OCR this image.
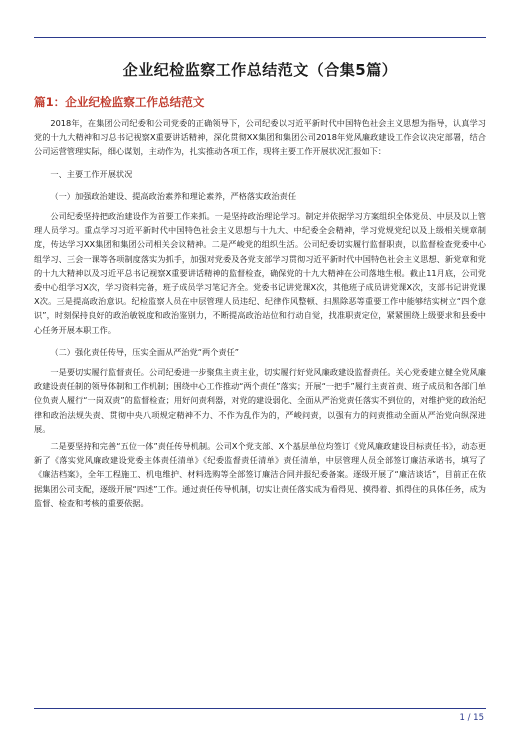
企业纪检监察工作总结范文（合集5篇）
篇1：企业纪检监察工作总结范文

2018年，在集团公司纪委和公司党委的正确领导下，公司纪委以习近平新时代中国特色社会主义思想为指导，认真学习党的十九大精神和习总书记视察X重要讲话精神，深化贯彻XX集团和集团公司2018年党风廉政建设工作会议决定部署，结合公司运营管理实际，细心谋划，主动作为，扎实推动各项工作，现将主要工作开展状况汇报如下：

一、主要工作开展状况

（一）加强政治建设、提高政治素养和理论素养，严格落实政治责任

公司纪委坚持把政治建设作为首要工作来抓。一是坚持政治理论学习。制定并依据学习方案组织全体党员、中层及以上管理人员学习。重点学习习近平新时代中国特色社会主义思想与十九大、中纪委全会精神，学习党规党纪以及上级相关规章制度，传达学习XX集团和集团公司相关会议精神。二是严峻党的组织生活。公司纪委切实履行监督职责，以监督检查党委中心组学习、三会一课等各项制度落实为抓手，加强对党委及各党支部学习贯彻习近平新时代中国特色社会主义思想、新党章和党的十九大精神以及习近平总书记视察X重要讲话精神的监督检查，确保党的十九大精神在公司落地生根。截止11月底，公司党委中心组学习X次，学习资料完备，班子成员学习笔记齐全。党委书记讲党课X次，其他班子成员讲党课X次，支部书记讲党课X次。三是提高政治意识。纪检监察人员在中层管理人员违纪、纪律作风整顿、扫黑除恶等重要工作中能够结实树立“四个意识”，时刻保持良好的政治敏锐度和政治鉴别力，不断提高政治站位和行动自觉，找准职责定位，紧紧围绕上级要求和县委中心任务开展本职工作。

（二）强化责任传导，压实全面从严治党“两个责任”

一是要切实履行监督责任。公司纪委进一步聚焦主责主业，切实履行好党风廉政建设监督责任。关心党委建立健全党风廉政建设责任制的领导体制和工作机制；围绕中心工作推动“两个责任”落实；开展“一把手”履行主责首责、班子成员和各部门单位负责人履行“一岗双责”的监督检查；用好问责利器，对党的建设弱化、全面从严治党责任落实不到位的，对维护党的政治纪律和政治法规失责、贯彻中央八项规定精神不力、不作为乱作为的，严峻问责，以强有力的问责推动全面从严治党向纵深进展。

二是要坚持和完善“五位一体”责任传导机制。公司X个党支部、X个基层单位均签订《党风廉政建设目标责任书》，动态更新了《落实党风廉政建设党委主体责任清单》《纪委监督责任清单》责任清单，中层管理人员全部签订廉洁承诺书，填写了《廉洁档案》，全年工程施工、机电维护、材料选购等全部签订廉洁合同并报纪委备案。逐级开展了“廉洁谈话”，目前正在依据集团公司支配，逐级开展“四述”工作。通过责任传导机制，切实让责任落实成为看得见、摸得着、抓得住的具体任务，成为监督、检查和考核的重要依据。

1 / 15
